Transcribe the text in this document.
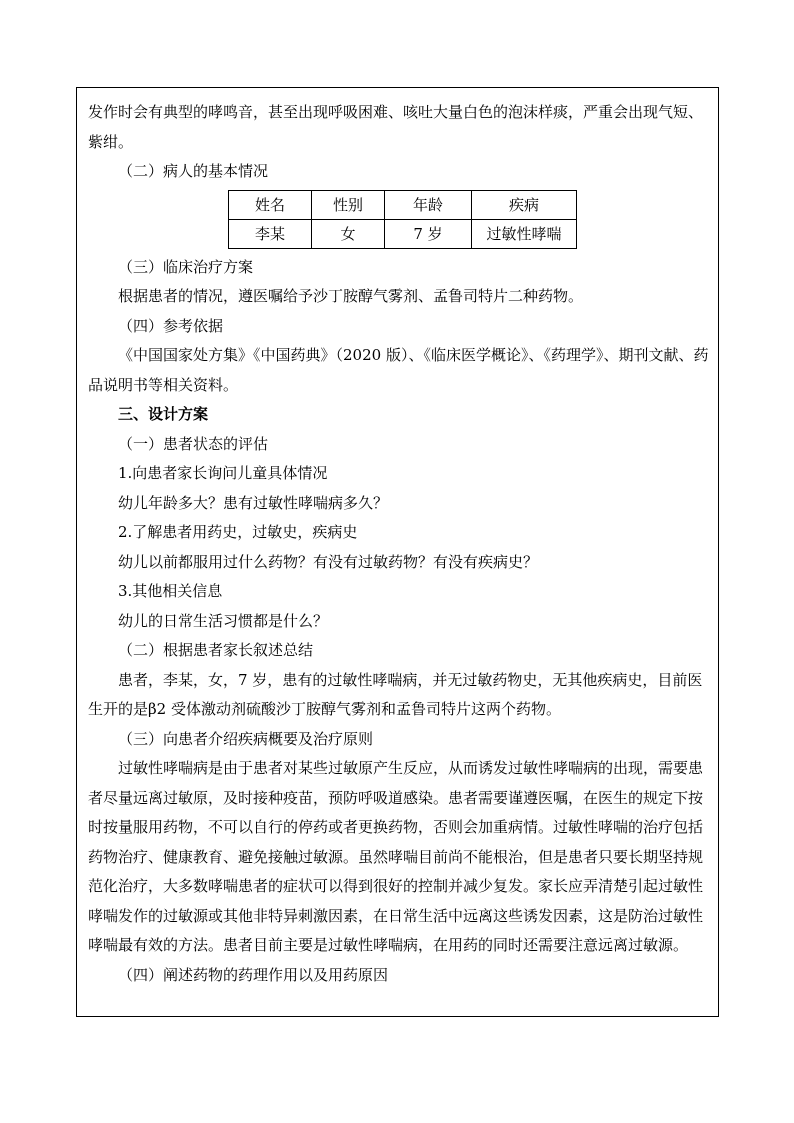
发作时会有典型的哮鸣音，甚至出现呼吸困难、咳吐大量白色的泡沫样痰，严重会出现气短、紫绀。

（二）病人的基本情况

姓名	性别	年龄	疾病
李某	女	7 岁	过敏性哮喘

（三）临床治疗方案

根据患者的情况，遵医嘱给予沙丁胺醇气雾剂、孟鲁司特片二种药物。

（四）参考依据

《中国国家处方集》《中国药典》（2020 版）、《临床医学概论》、《药理学》、期刊文献、药品说明书等相关资料。

三、设计方案

（一）患者状态的评估

1.向患者家长询问儿童具体情况

幼儿年龄多大？患有过敏性哮喘病多久？

2.了解患者用药史，过敏史，疾病史

幼儿以前都服用过什么药物？有没有过敏药物？有没有疾病史？

3.其他相关信息

幼儿的日常生活习惯都是什么？

（二）根据患者家长叙述总结

患者，李某，女，7 岁，患有的过敏性哮喘病，并无过敏药物史，无其他疾病史，目前医生开的是β2 受体激动剂硫酸沙丁胺醇气雾剂和孟鲁司特片这两个药物。

（三）向患者介绍疾病概要及治疗原则

过敏性哮喘病是由于患者对某些过敏原产生反应，从而诱发过敏性哮喘病的出现，需要患者尽量远离过敏原，及时接种疫苗，预防呼吸道感染。患者需要谨遵医嘱，在医生的规定下按时按量服用药物，不可以自行的停药或者更换药物，否则会加重病情。过敏性哮喘的治疗包括药物治疗、健康教育、避免接触过敏源。虽然哮喘目前尚不能根治，但是患者只要长期坚持规范化治疗，大多数哮喘患者的症状可以得到很好的控制并减少复发。家长应弄清楚引起过敏性哮喘发作的过敏源或其他非特异刺激因素，在日常生活中远离这些诱发因素，这是防治过敏性哮喘最有效的方法。患者目前主要是过敏性哮喘病，在用药的同时还需要注意远离过敏源。

（四）阐述药物的药理作用以及用药原因
